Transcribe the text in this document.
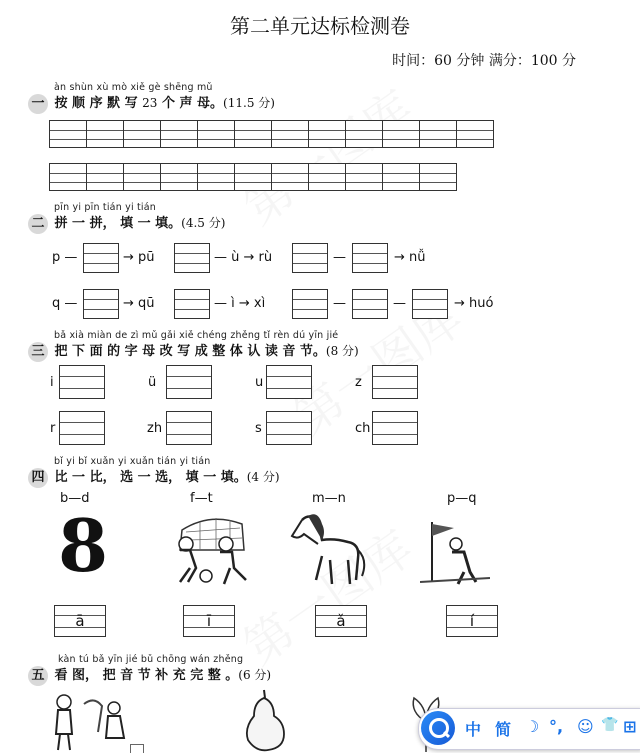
第二单元达标检测卷
时间：60 分钟 满分：100 分
àn shùn xù mò xiě gè shēng mǔ
一 按 顺 序 默 写 23 个 声 母。(11.5 分)
pīn yi pīn tián yi tián
二 拼 一 拼， 填 一 填。(4.5 分)
p —	→ pū	— ù → rù	—	→ nǚ
q —	→ qū	— ì → xì	—	—	→ huó
bǎ xià miàn de zì mǔ gǎi xiě chéng zhěng tǐ rèn dú yīn jié
三 把 下 面 的 字 母 改 写 成 整 体 认 读 音 节。(8 分)
i	ü	u	z
r	zh	s	ch
bǐ yi bǐ xuǎn yi xuǎn tián yi tián
四 比 一 比， 选 一 选， 填 一 填。(4 分)
b—d	f—t	m—n	p—q
8
ā	ī	ǎ	í
kàn tú bǎ yīn jié bǔ chōng wán zhěng
五 看 图， 把 音 节 补 充 完 整 。(6 分)
中 简 ☽ °, ☺ 👕 ⊞
